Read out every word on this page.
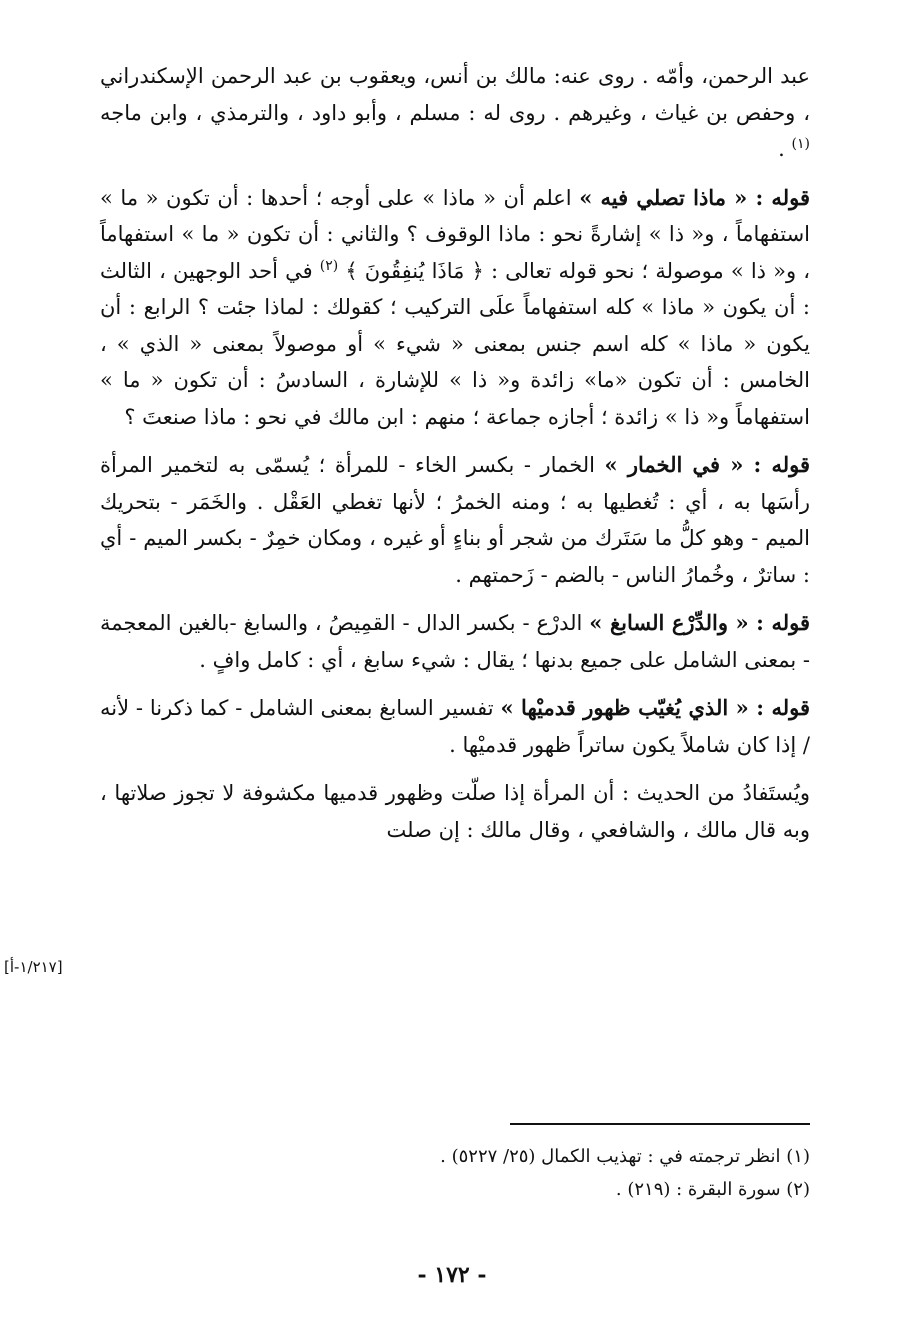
عبد الرحمن، وأمّه . روى عنه: مالك بن أنس، ويعقوب بن عبد الرحمن الإسكندراني ، وحفص بن غياث ، وغيرهم . روى له : مسلم ، وأبو داود ، والترمذي ، وابن ماجه $^{(١)}$ .

قوله : « ماذا تصلي فيه » اعلم أن « ماذا » على أوجه ؛ أحدها : أن تكون « ما » استفهاماً ، و« ذا » إشارةً نحو : ماذا الوقوف ؟ والثاني : أن تكون « ما » استفهاماً ، و« ذا » موصولة ؛ نحو قوله تعالى : ﴿ مَاذَا يُنفِقُونَ ﴾ $^{(٢)}$ في أحد الوجهين ، الثالث : أن يكون « ماذا » كله استفهاماً علَى التركيب ؛ كقولك : لماذا جئت ؟ الرابع : أن يكون « ماذا » كله اسم جنس بمعنى « شيء » أو موصولاً بمعنى « الذي » ، الخامس : أن تكون «ما» زائدة و« ذا » للإشارة ، السادسُ : أن تكون « ما » استفهاماً و« ذا » زائدة ؛ أجازه جماعة ؛ منهم : ابن مالك في نحو : ماذا صنعتَ ؟

قوله : « في الخمار » الخمار - بكسر الخاء - للمرأة ؛ يُسمّى به لتخمير المرأة رأسَها به ، أي : تُغطيها به ؛ ومنه الخمرُ ؛ لأنها تغطي العَقْل . والخَمَر - بتحريك الميم - وهو كلُّ ما سَتَرك من شجر أو بناءٍ أو غيره ، ومكان خمِرٌ - بكسر الميم - أي : ساترٌ ، وخُمارُ الناس - بالضم - زَحمتهم .

قوله : « والدِّرْع السابغ » الدرْع - بكسر الدال - القمِيصُ ، والسابغ -بالغين المعجمة - بمعنى الشامل على جميع بدنها ؛ يقال : شيء سابغ ، أي : كامل وافٍ .

قوله : « الذي يُغيّب ظهور قدميْها » تفسير السابغ بمعنى الشامل - كما ذكرنا - لأنه / إذا كان شاملاً يكون ساتراً ظهور قدميْها .

ويُستَفادُ من الحديث : أن المرأة إذا صلّت وظهور قدميها مكشوفة لا تجوز صلاتها ، وبه قال مالك ، والشافعي ، وقال مالك : إن صلت

[١/٢١٧-أ]

(١) انظر ترجمته في : تهذيب الكمال (٢٥/ ٥٢٢٧) .

(٢) سورة البقرة : (٢١٩) .

- ١٧٢ -
